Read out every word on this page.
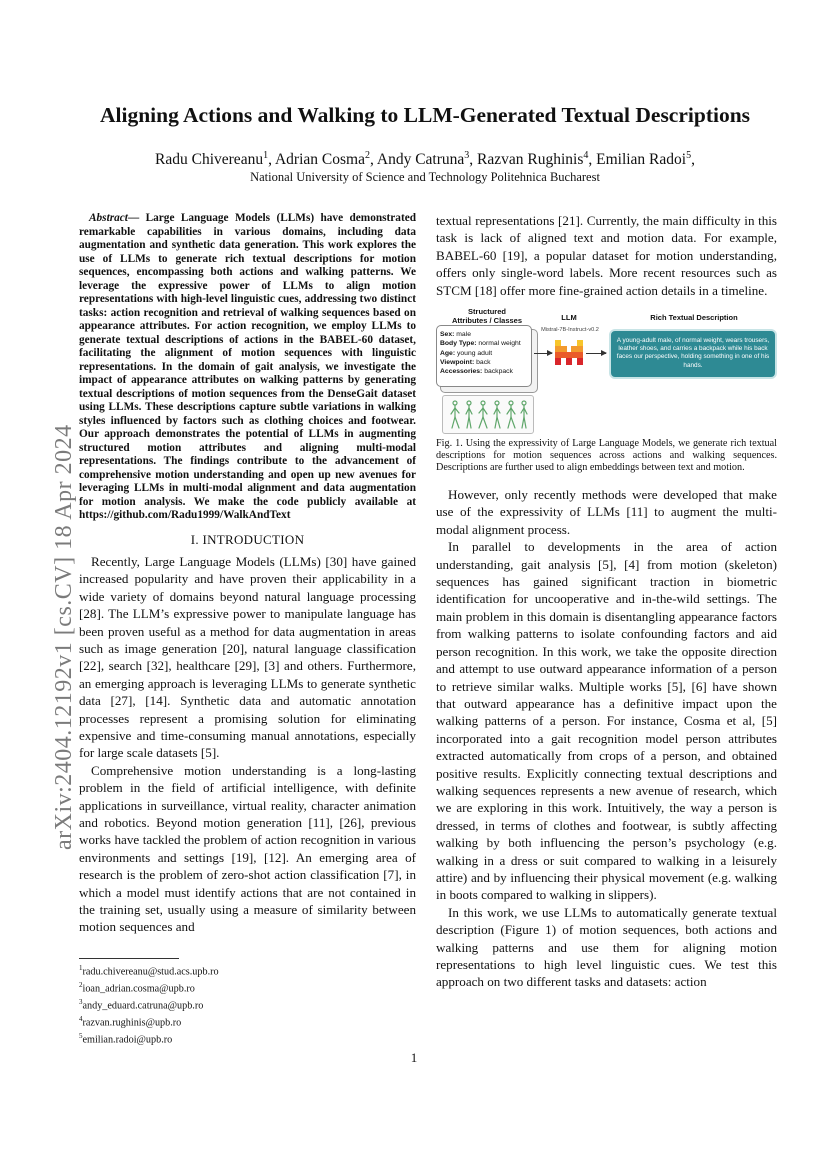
arXiv:2404.12192v1 [cs.CV] 18 Apr 2024
Aligning Actions and Walking to LLM-Generated Textual Descriptions
Radu Chivereanu$^1$, Adrian Cosma$^2$, Andy Catruna$^3$, Razvan Rughinis$^4$, Emilian Radoi$^5$,
National University of Science and Technology Politehnica Bucharest

Abstract— Large Language Models (LLMs) have demonstrated remarkable capabilities in various domains, including data augmentation and synthetic data generation. This work explores the use of LLMs to generate rich textual descriptions for motion sequences, encompassing both actions and walking patterns. We leverage the expressive power of LLMs to align motion representations with high-level linguistic cues, addressing two distinct tasks: action recognition and retrieval of walking sequences based on appearance attributes. For action recognition, we employ LLMs to generate textual descriptions of actions in the BABEL-60 dataset, facilitating the alignment of motion sequences with linguistic representations. In the domain of gait analysis, we investigate the impact of appearance attributes on walking patterns by generating textual descriptions of motion sequences from the DenseGait dataset using LLMs. These descriptions capture subtle variations in walking styles influenced by factors such as clothing choices and footwear. Our approach demonstrates the potential of LLMs in augmenting structured motion attributes and aligning multi-modal representations. The findings contribute to the advancement of comprehensive motion understanding and open up new avenues for leveraging LLMs in multi-modal alignment and data augmentation for motion analysis. We make the code publicly available at https://github.com/Radu1999/WalkAndText

I. INTRODUCTION

Recently, Large Language Models (LLMs) [30] have gained increased popularity and have proven their applicability in a wide variety of domains beyond natural language processing [28]. The LLM’s expressive power to manipulate language has been proven useful as a method for data augmentation in areas such as image generation [20], natural language classification [22], search [32], healthcare [29], [3] and others. Furthermore, an emerging approach is leveraging LLMs to generate synthetic data [27], [14]. Synthetic data and automatic annotation processes represent a promising solution for eliminating expensive and time-consuming manual annotations, especially for large scale datasets [5].

Comprehensive motion understanding is a long-lasting problem in the field of artificial intelligence, with definite applications in surveillance, virtual reality, character animation and robotics. Beyond motion generation [11], [26], previous works have tackled the problem of action recognition in various environments and settings [19], [12]. An emerging area of research is the problem of zero-shot action classification [7], in which a model must identify actions that are not contained in the training set, usually using a measure of similarity between motion sequences and

$^1$radu.chivereanu@stud.acs.upb.ro
$^2$ioan_adrian.cosma@upb.ro
$^3$andy_eduard.catruna@upb.ro
$^4$razvan.rughinis@upb.ro
$^5$emilian.radoi@upb.ro

textual representations [21]. Currently, the main difficulty in this task is lack of aligned text and motion data. For example, BABEL-60 [19], a popular dataset for motion understanding, offers only single-word labels. More recent resources such as STCM [18] offer more fine-grained action details in a timeline.

Structured
Attributes / Classes	LLM
Mistral-7B-Instruct-v0.2
Rich Textual Description
Sex: male
Body Type: normal weight
Age: young adult
Viewpoint: back
Accessories: backpack
A young-adult male, of normal weight, wears trousers, leather shoes, and carries a backpack while his back faces our perspective, holding something in one of his hands.

Fig. 1. Using the expressivity of Large Language Models, we generate rich textual descriptions for motion sequences across actions and walking sequences. Descriptions are further used to align embeddings between text and motion.

However, only recently methods were developed that make use of the expressivity of LLMs [11] to augment the multi-modal alignment process.

In parallel to developments in the area of action understanding, gait analysis [5], [4] from motion (skeleton) sequences has gained significant traction in biometric identification for uncooperative and in-the-wild settings. The main problem in this domain is disentangling appearance factors from walking patterns to isolate confounding factors and aid person recognition. In this work, we take the opposite direction and attempt to use outward appearance information of a person to retrieve similar walks. Multiple works [5], [6] have shown that outward appearance has a definitive impact upon the walking patterns of a person. For instance, Cosma et al, [5] incorporated into a gait recognition model person attributes extracted automatically from crops of a person, and obtained positive results. Explicitly connecting textual descriptions and walking sequences represents a new avenue of research, which we are exploring in this work. Intuitively, the way a person is dressed, in terms of clothes and footwear, is subtly affecting walking by both influencing the person’s psychology (e.g. walking in a dress or suit compared to walking in a leisurely attire) and by influencing their physical movement (e.g. walking in boots compared to walking in slippers).

In this work, we use LLMs to automatically generate textual description (Figure 1) of motion sequences, both actions and walking patterns and use them for aligning motion representations to high level linguistic cues. We test this approach on two different tasks and datasets: action

1
